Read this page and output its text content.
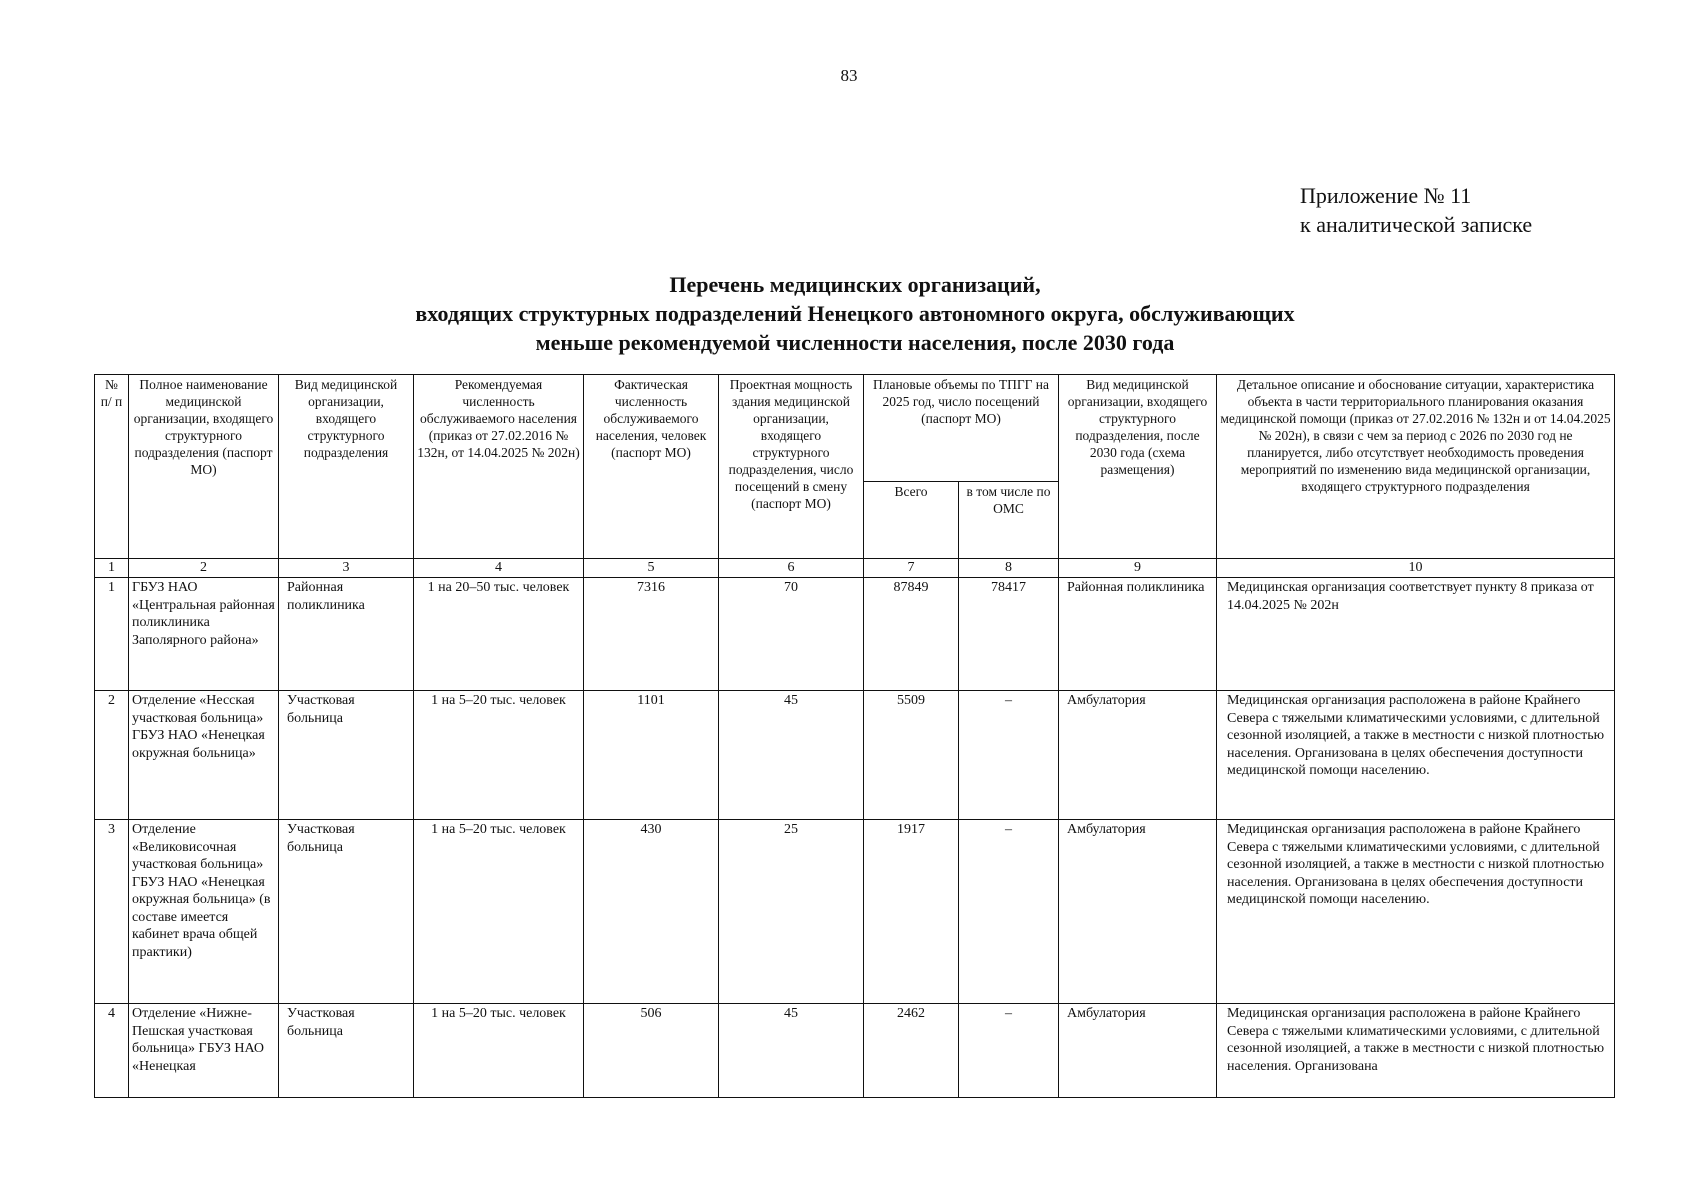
83
Приложение № 11
к аналитической записке
Перечень медицинских организаций,
входящих структурных подразделений Ненецкого автономного округа, обслуживающих
меньше рекомендуемой численности населения, после 2030 года
№ п/ п	Полное наименование медицинской организации, входящего структурного подразделения (паспорт МО)	Вид медицинской организации, входящего структурного подразделения	Рекомендуемая численность обслуживаемого населения (приказ от 27.02.2016 № 132н, от 14.04.2025 № 202н)	Фактическая численность обслуживаемого населения, человек (паспорт МО)	Проектная мощность здания медицинской организации, входящего структурного подразделения, число посещений в смену (паспорт МО)	Плановые объемы по ТПГГ на 2025 год, число посещений (паспорт МО)		Вид медицинской организации, входящего структурного подразделения, после 2030 года (схема размещения)	Детальное описание и обоснование ситуации, характеристика объекта в части территориального планирования оказания медицинской помощи (приказ от 27.02.2016 № 132н и от 14.04.2025 № 202н), в связи с чем за период с 2026 по 2030 год не планируется, либо отсутствует необходимость проведения мероприятий по изменению вида медицинской организации, входящего структурного подразделения
						Всего	в том числе по ОМС		
1	2	3	4	5	6	7	8	9	10
1	ГБУЗ НАО «Центральная районная поликлиника Заполярного района»	Районная поликлиника	1 на 20–50 тыс. человек	7316	70	87849	78417	Районная поликлиника	Медицинская организация соответствует пункту 8 приказа от 14.04.2025 № 202н
2	Отделение «Несская участковая больница» ГБУЗ НАО «Ненецкая окружная больница»	Участковая больница	1 на 5–20 тыс. человек	1101	45	5509	–	Амбулатория	Медицинская организация расположена в районе Крайнего Севера с тяжелыми климатическими условиями, с длительной сезонной изоляцией, а также в местности с низкой плотностью населения. Организована в целях обеспечения доступности медицинской помощи населению.
3	Отделение «Великовисочная участковая больница» ГБУЗ НАО «Ненецкая окружная больница» (в составе имеется кабинет врача общей практики)	Участковая больница	1 на 5–20 тыс. человек	430	25	1917	–	Амбулатория	Медицинская организация расположена в районе Крайнего Севера с тяжелыми климатическими условиями, с длительной сезонной изоляцией, а также в местности с низкой плотностью населения. Организована в целях обеспечения доступности медицинской помощи населению.
4	Отделение «Нижне-Пешская участковая больница» ГБУЗ НАО «Ненецкая	Участковая больница	1 на 5–20 тыс. человек	506	45	2462	–	Амбулатория	Медицинская организация расположена в районе Крайнего Севера с тяжелыми климатическими условиями, с длительной сезонной изоляцией, а также в местности с низкой плотностью населения. Организована
